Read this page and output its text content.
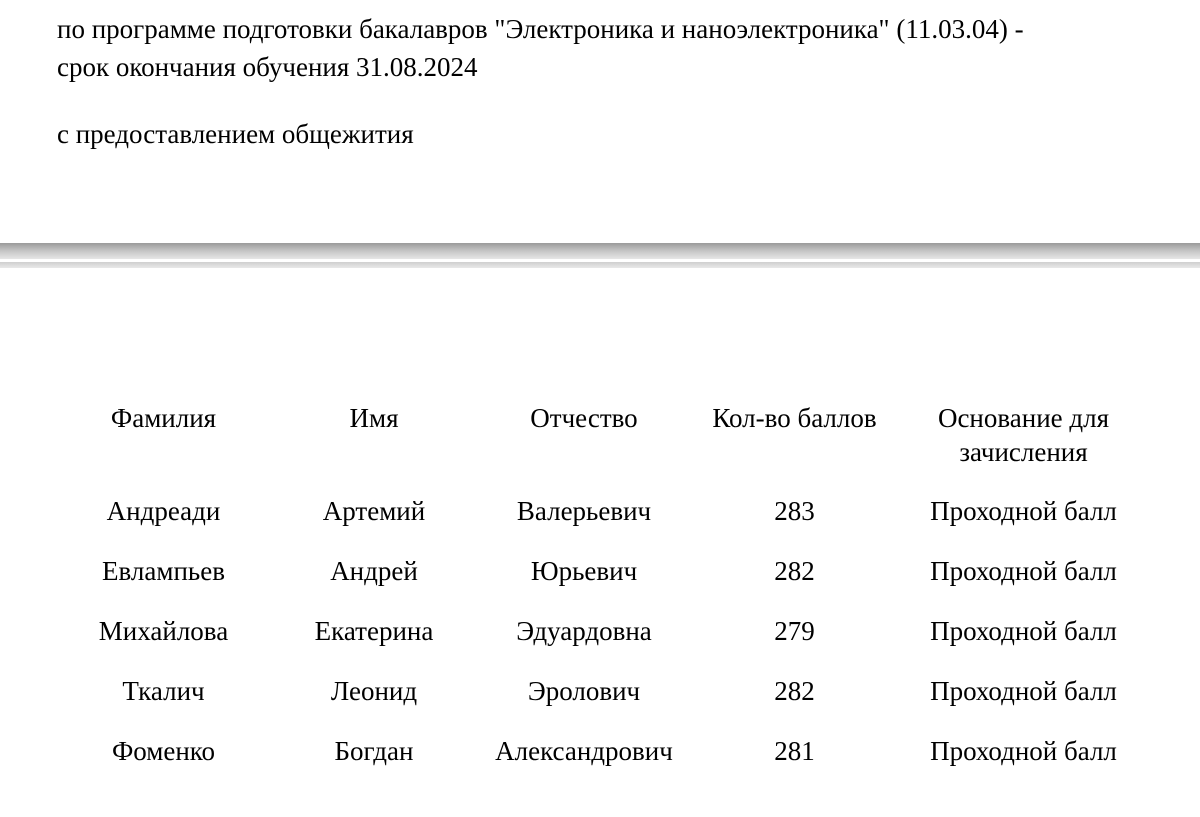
по программе подготовки бакалавров "Электроника и наноэлектроника" (11.03.04) -
срок окончания обучения 31.08.2024

с предоставлением общежития

Фамилия	Имя	Отчество	Кол-во баллов	Основание для
зачисления
Андреади	Артемий	Валерьевич	283	Проходной балл
Евлампьев	Андрей	Юрьевич	282	Проходной балл
Михайлова	Екатерина	Эдуардовна	279	Проходной балл
Ткалич	Леонид	Эролович	282	Проходной балл
Фоменко	Богдан	Александрович	281	Проходной балл
